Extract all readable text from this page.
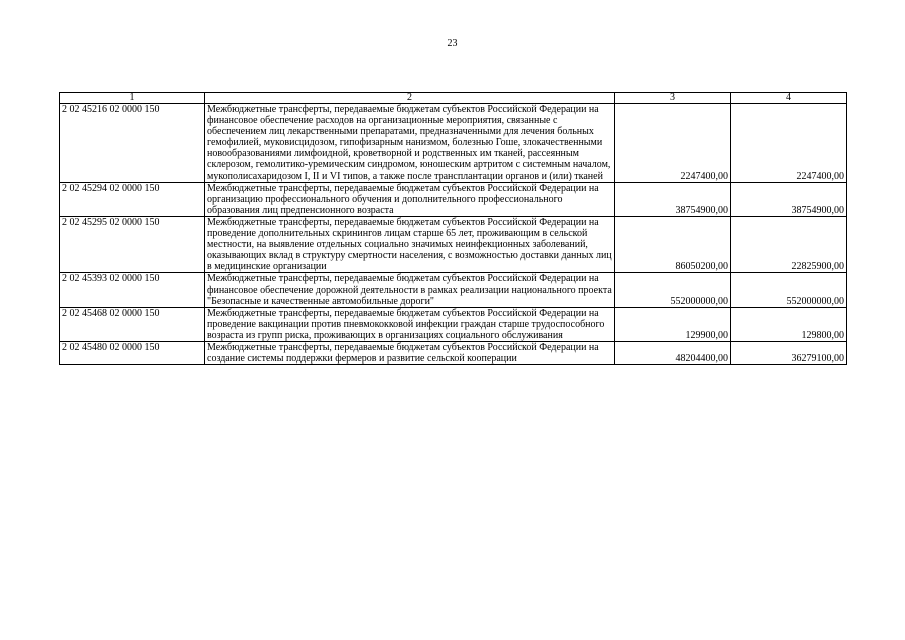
23
1	2	3	4
2 02 45216 02 0000 150	Межбюджетные трансферты, передаваемые бюджетам субъектов Российской Федерации на финансовое обеспечение расходов на организационные мероприятия, связанные с обеспечением лиц лекарственными препаратами, предназначенными для лечения больных гемофилией, муковисцидозом, гипофизарным нанизмом, болезнью Гоше, злокачественными новообразованиями лимфоидной, кроветворной и родственных им тканей, рассеянным склерозом, гемолитико-уремическим синдромом, юношеским артритом с системным началом, мукополисахаридозом I, II и VI типов, а также после трансплантации органов и (или) тканей	2247400,00	2247400,00
2 02 45294 02 0000 150	Межбюджетные трансферты, передаваемые бюджетам субъектов Российской Федерации на организацию профессионального обучения и дополнительного профессионального образования лиц предпенсионного возраста	38754900,00	38754900,00
2 02 45295 02 0000 150	Межбюджетные трансферты, передаваемые бюджетам субъектов Российской Федерации на проведение дополнительных скринингов лицам старше 65 лет, проживающим в сельской местности, на выявление отдельных социально значимых неинфекционных заболеваний, оказывающих вклад в структуру смертности населения, с возможностью доставки данных лиц в медицинские организации	86050200,00	22825900,00
2 02 45393 02 0000 150	Межбюджетные трансферты, передаваемые бюджетам субъектов Российской Федерации на финансовое обеспечение дорожной деятельности в рамках реализации национального проекта "Безопасные и качественные автомобильные дороги"	552000000,00	552000000,00
2 02 45468 02 0000 150	Межбюджетные трансферты, передаваемые бюджетам субъектов Российской Федерации на проведение вакцинации против пневмококковой инфекции граждан старше трудоспособного возраста из групп риска, проживающих в организациях социального обслуживания	129900,00	129800,00
2 02 45480 02 0000 150	Межбюджетные трансферты, передаваемые бюджетам субъектов Российской Федерации на создание системы поддержки фермеров и развитие сельской кооперации	48204400,00	36279100,00
